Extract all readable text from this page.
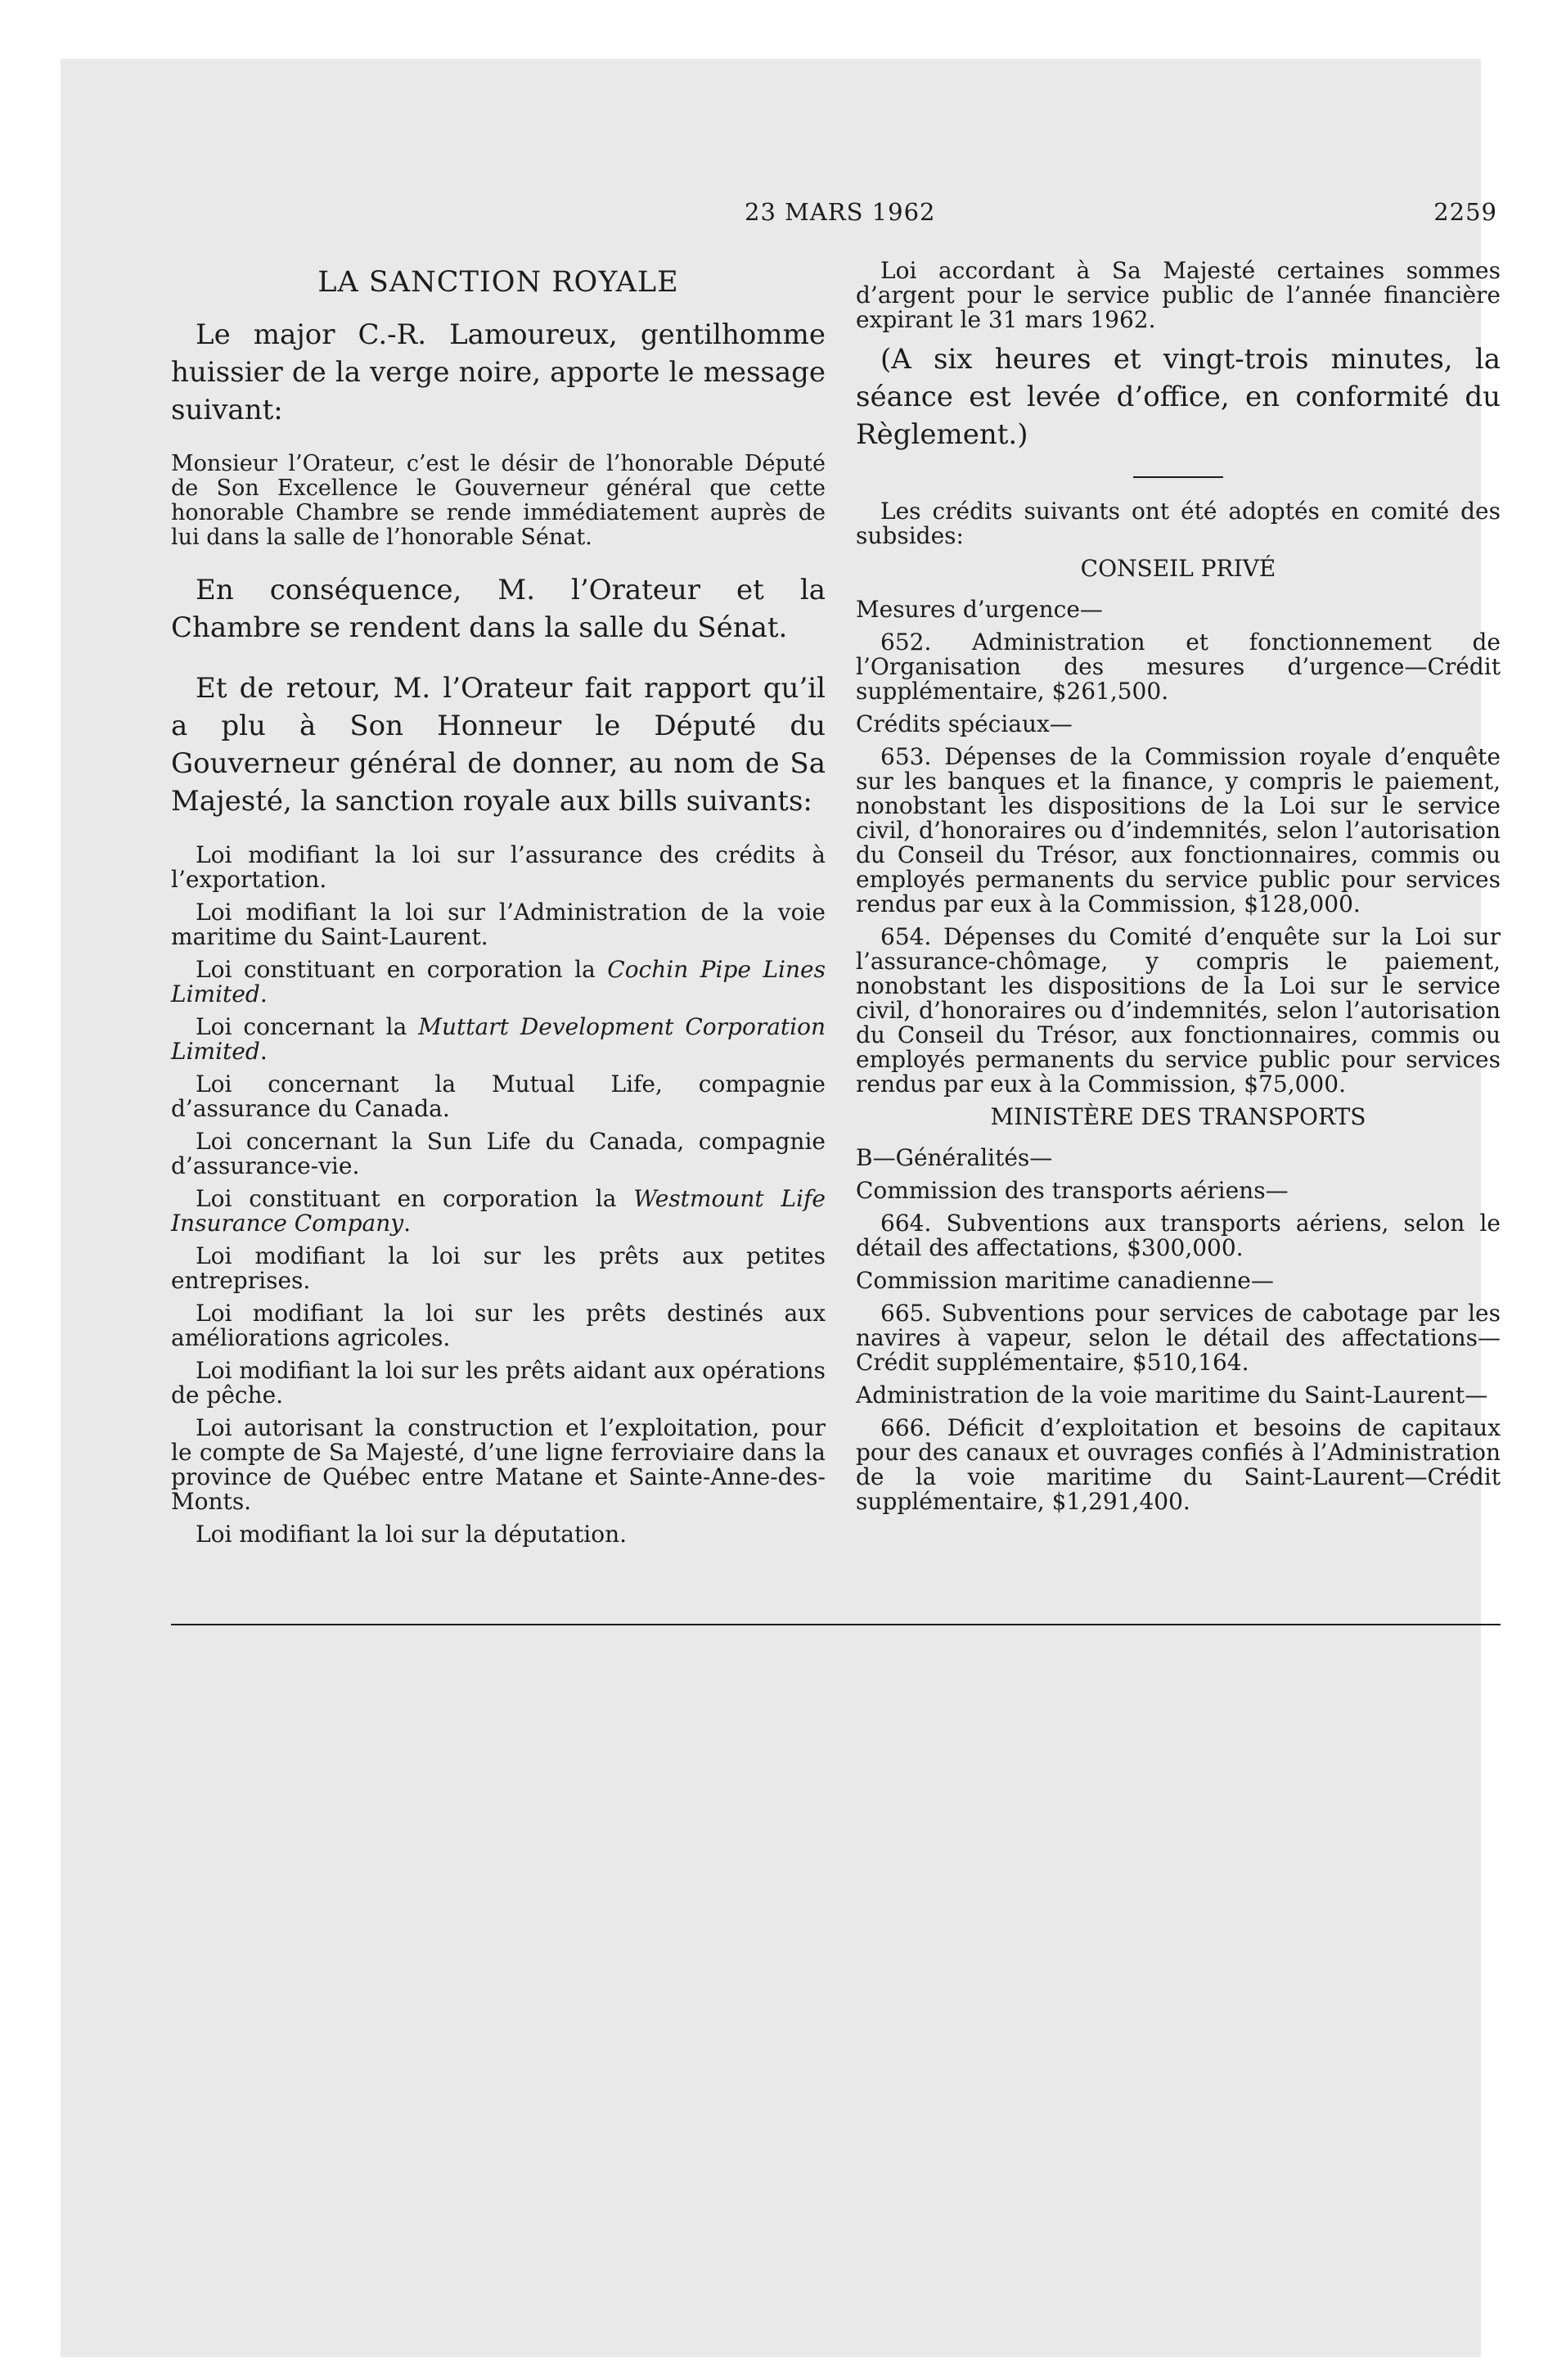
23 MARS 1962	2259

LA SANCTION ROYALE

Le major C.-R. Lamoureux, gentilhomme huissier de la verge noire, apporte le message suivant:

Monsieur l’Orateur, c’est le désir de l’honorable Député de Son Excellence le Gouverneur général que cette honorable Chambre se rende immédiatement auprès de lui dans la salle de l’honorable Sénat.

En conséquence, M. l’Orateur et la Chambre se rendent dans la salle du Sénat.

Et de retour, M. l’Orateur fait rapport qu’il a plu à Son Honneur le Député du Gouverneur général de donner, au nom de Sa Majesté, la sanction royale aux bills suivants:

Loi modifiant la loi sur l’assurance des crédits à l’exportation.

Loi modifiant la loi sur l’Administration de la voie maritime du Saint-Laurent.

Loi constituant en corporation la Cochin Pipe Lines Limited.

Loi concernant la Muttart Development Corporation Limited.

Loi concernant la Mutual Life, compagnie d’assurance du Canada.

Loi concernant la Sun Life du Canada, compagnie d’assurance-vie.

Loi constituant en corporation la Westmount Life Insurance Company.

Loi modifiant la loi sur les prêts aux petites entreprises.

Loi modifiant la loi sur les prêts destinés aux améliorations agricoles.

Loi modifiant la loi sur les prêts aidant aux opérations de pêche.

Loi autorisant la construction et l’exploitation, pour le compte de Sa Majesté, d’une ligne ferroviaire dans la province de Québec entre Matane et Sainte-Anne-des-Monts.

Loi modifiant la loi sur la députation.

Loi accordant à Sa Majesté certaines sommes d’argent pour le service public de l’année financière expirant le 31 mars 1962.

(A six heures et vingt-trois minutes, la séance est levée d’office, en conformité du Règlement.)

Les crédits suivants ont été adoptés en comité des subsides:

CONSEIL PRIVÉ

Mesures d’urgence—

652. Administration et fonctionnement de l’Organisation des mesures d’urgence—Crédit supplémentaire, $261,500.

Crédits spéciaux—

653. Dépenses de la Commission royale d’enquête sur les banques et la finance, y compris le paiement, nonobstant les dispositions de la Loi sur le service civil, d’honoraires ou d’indemnités, selon l’autorisation du Conseil du Trésor, aux fonctionnaires, commis ou employés permanents du service public pour services rendus par eux à la Commission, $128,000.

654. Dépenses du Comité d’enquête sur la Loi sur l’assurance-chômage, y compris le paiement, nonobstant les dispositions de la Loi sur le service civil, d’honoraires ou d’indemnités, selon l’autorisation du Conseil du Trésor, aux fonctionnaires, commis ou employés permanents du service public pour services rendus par eux à la Commission, $75,000.

MINISTÈRE DES TRANSPORTS

B—Généralités—

Commission des transports aériens—

664. Subventions aux transports aériens, selon le détail des affectations, $300,000.

Commission maritime canadienne—

665. Subventions pour services de cabotage par les navires à vapeur, selon le détail des affectations—Crédit supplémentaire, $510,164.

Administration de la voie maritime du Saint-Laurent—

666. Déficit d’exploitation et besoins de capitaux pour des canaux et ouvrages confiés à l’Administration de la voie maritime du Saint-Laurent—Crédit supplémentaire, $1,291,400.
